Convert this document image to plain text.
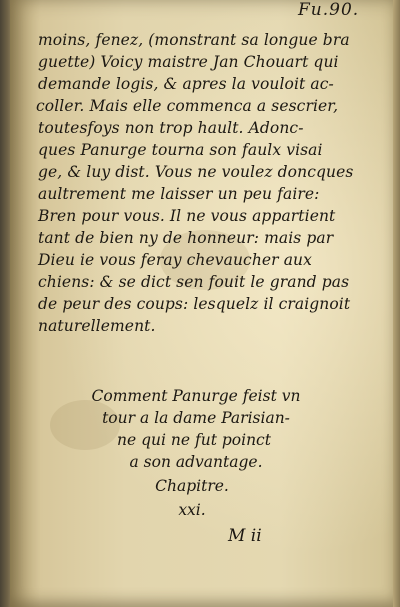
Fu.90.
moins, fenez, (monstrant sa longue bra
guette) Voicy maistre Jan Chouart qui
demande logis, & apres la vouloit ac-
coller. Mais elle commenca a sescrier,
toutesfoys non trop hault. Adonc-
ques Panurge tourna son faulx visai
ge, & luy dist. Vous ne voulez doncques
aultrement me laisser un peu faire:
Bren pour vous. Il ne vous appartient
tant de bien ny de honneur: mais par
Dieu ie vous feray chevaucher aux
chiens: & se dict sen fouit le grand pas
de peur des coups: lesquelz il craignoit
naturellement.
Comment Panurge feist vn
tour a la dame Parisian-
ne qui ne fut poinct
a son advantage.
Chapitre.
xxi.
M ii
